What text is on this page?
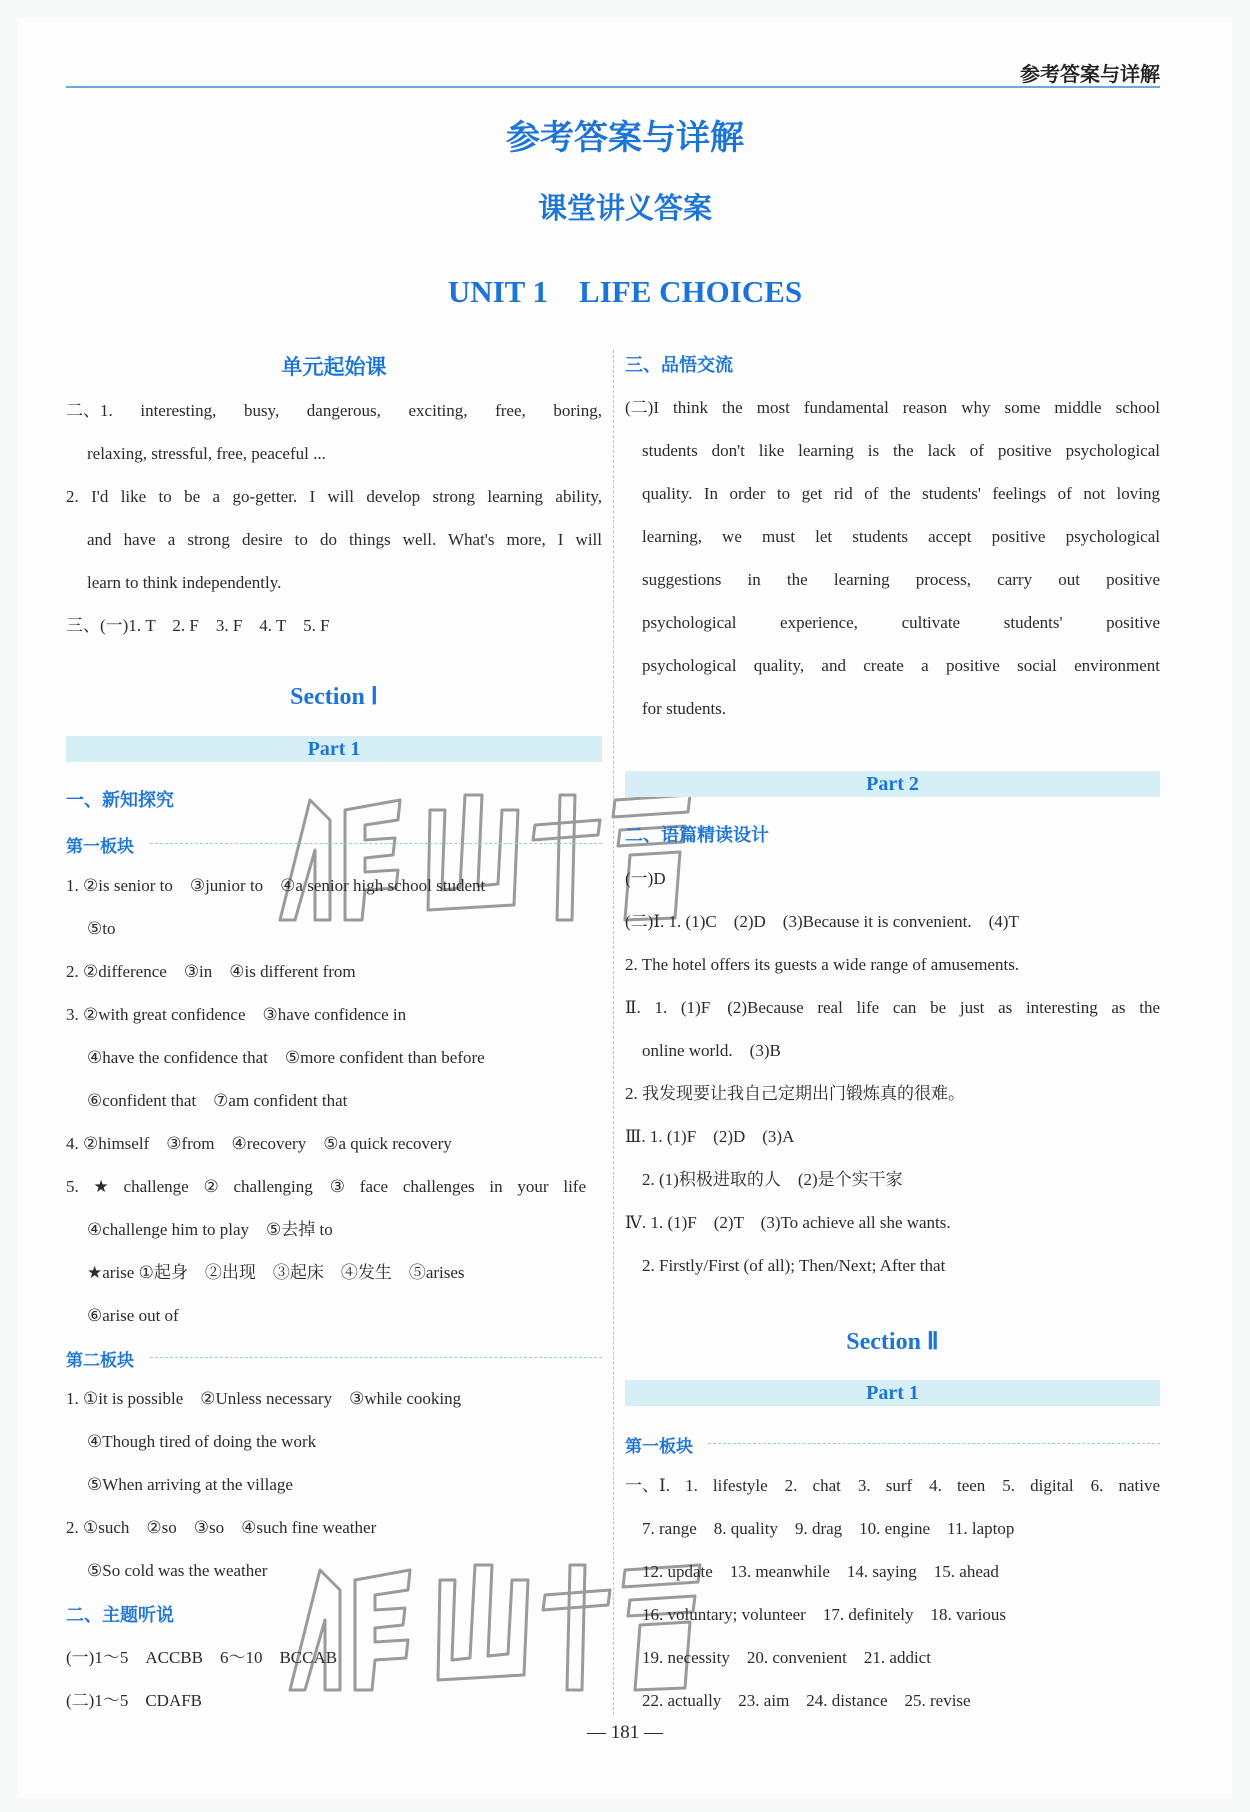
参考答案与详解
参考答案与详解
课堂讲义答案
UNIT 1　LIFE CHOICES
单元起始课
二、1. interesting, busy, dangerous, exciting, free, boring,
relaxing, stressful, free, peaceful ...
2. I'd like to be a go-getter. I will develop strong learning ability,
and have a strong desire to do things well. What's more, I will
learn to think independently.
三、(一)1. T　2. F　3. F　4. T　5. F
Section Ⅰ
Part 1
一、新知探究
第一板块
1. ②is senior to　③junior to　④a senior high school student
⑤to
2. ②difference　③in　④is different from
3. ②with great confidence　③have confidence in
④have the confidence that　⑤more confident than before
⑥confident that　⑦am confident that
4. ②himself　③from　④recovery　⑤a quick recovery
5. ★ challenge ② challenging　③ face challenges in your life
④challenge him to play　⑤去掉 to
★arise ①起身　②出现　③起床　④发生　⑤arises
⑥arise out of
第二板块
1. ①it is possible　②Unless necessary　③while cooking
④Though tired of doing the work
⑤When arriving at the village
2. ①such　②so　③so　④such fine weather
⑤So cold was the weather
二、主题听说
(一)1～5　ACCBB　6～10　BCCAB
(二)1～5　CDAFB
三、品悟交流
(二)I think the most fundamental reason why some middle school
students don't like learning is the lack of positive psychological
quality. In order to get rid of the students' feelings of not loving
learning, we must let students accept positive psychological
suggestions in the learning process, carry out positive
psychological experience, cultivate students' positive
psychological quality, and create a positive social environment
for students.
Part 2
二、语篇精读设计
(一)D
(二)Ⅰ. 1. (1)C　(2)D　(3)Because it is convenient.　(4)T
2. The hotel offers its guests a wide range of amusements.
Ⅱ. 1. (1)F　(2)Because real life can be just as interesting as the
online world.　(3)B
2. 我发现要让我自己定期出门锻炼真的很难。
Ⅲ. 1. (1)F　(2)D　(3)A
2. (1)积极进取的人　(2)是个实干家
Ⅳ. 1. (1)F　(2)T　(3)To achieve all she wants.
2. Firstly/First (of all); Then/Next; After that
Section Ⅱ
Part 1
第一板块
一、Ⅰ. 1. lifestyle　2. chat　3. surf　4. teen　5. digital　6. native
7. range　8. quality　9. drag　10. engine　11. laptop
12. update　13. meanwhile　14. saying　15. ahead
16. voluntary; volunteer　17. definitely　18. various
19. necessity　20. convenient　21. addict
22. actually　23. aim　24. distance　25. revise
— 181 —
